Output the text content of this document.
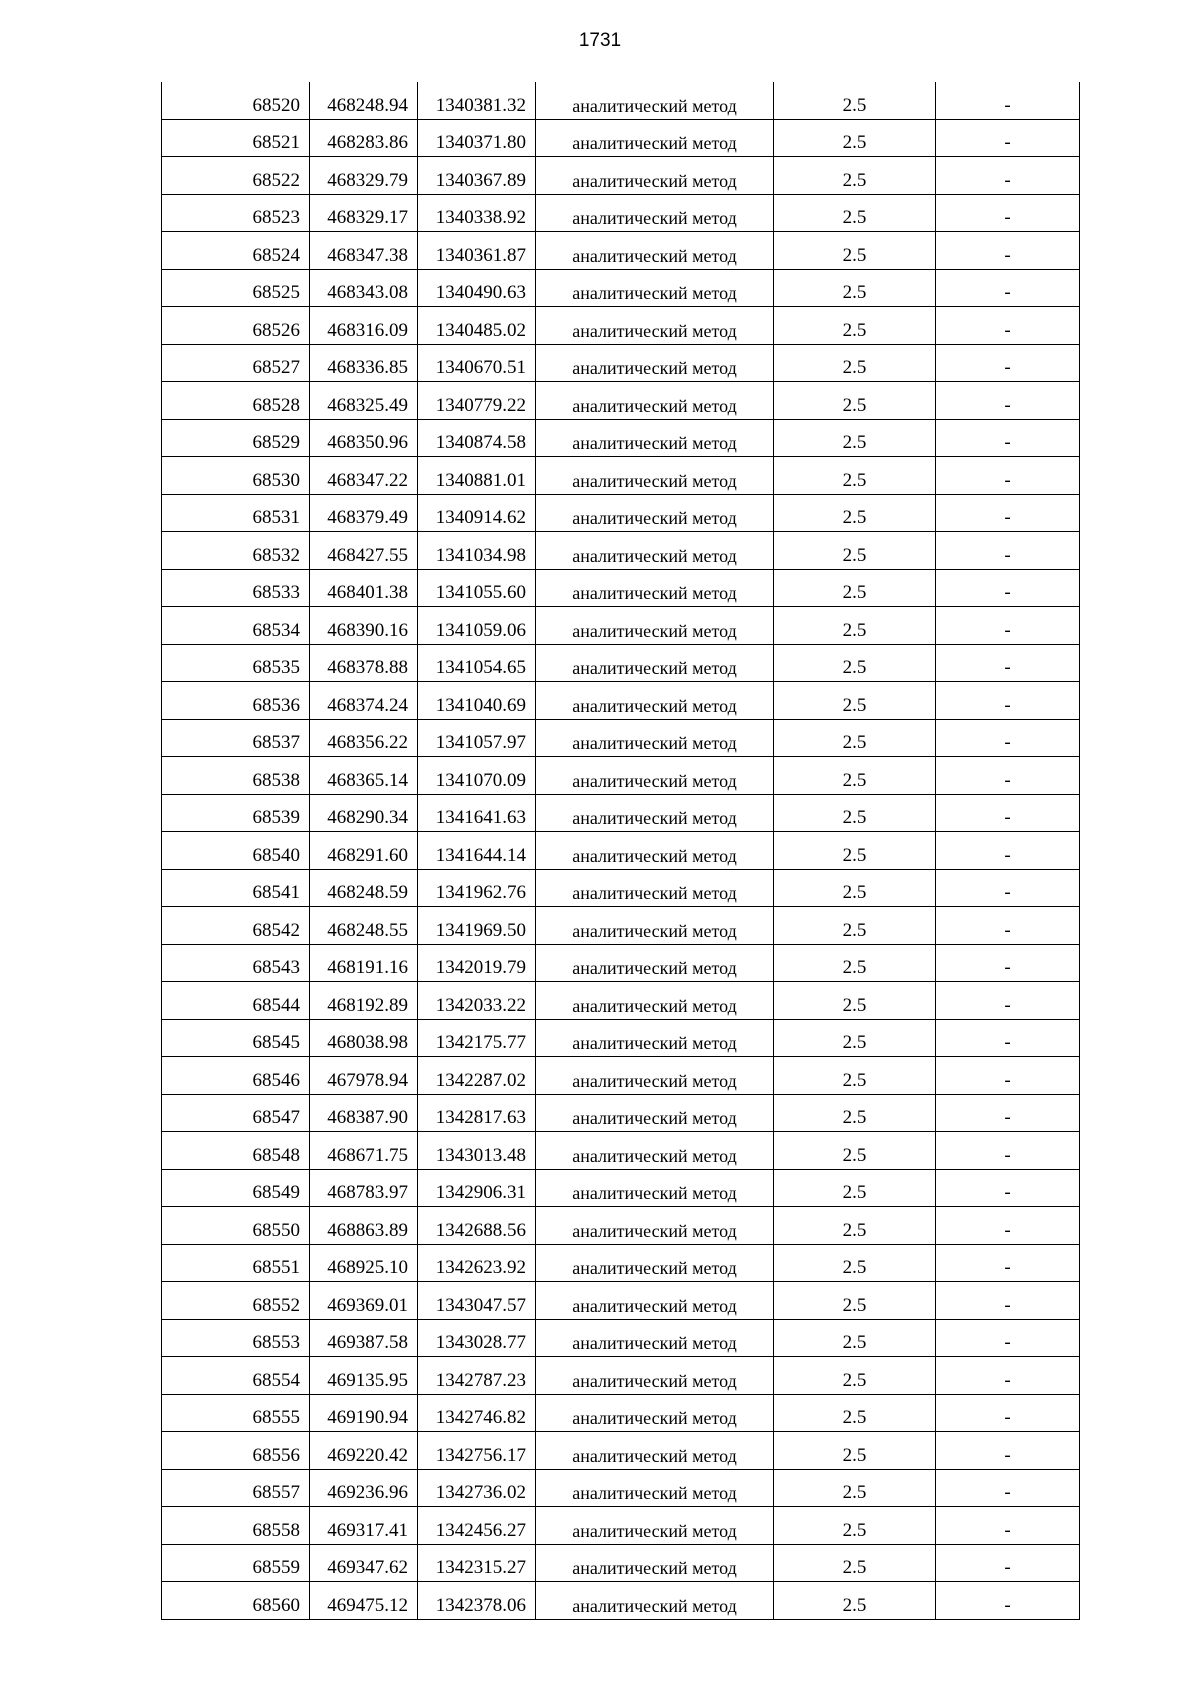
1731
68520	468248.94	1340381.32	аналитический метод	2.5	-
68521	468283.86	1340371.80	аналитический метод	2.5	-
68522	468329.79	1340367.89	аналитический метод	2.5	-
68523	468329.17	1340338.92	аналитический метод	2.5	-
68524	468347.38	1340361.87	аналитический метод	2.5	-
68525	468343.08	1340490.63	аналитический метод	2.5	-
68526	468316.09	1340485.02	аналитический метод	2.5	-
68527	468336.85	1340670.51	аналитический метод	2.5	-
68528	468325.49	1340779.22	аналитический метод	2.5	-
68529	468350.96	1340874.58	аналитический метод	2.5	-
68530	468347.22	1340881.01	аналитический метод	2.5	-
68531	468379.49	1340914.62	аналитический метод	2.5	-
68532	468427.55	1341034.98	аналитический метод	2.5	-
68533	468401.38	1341055.60	аналитический метод	2.5	-
68534	468390.16	1341059.06	аналитический метод	2.5	-
68535	468378.88	1341054.65	аналитический метод	2.5	-
68536	468374.24	1341040.69	аналитический метод	2.5	-
68537	468356.22	1341057.97	аналитический метод	2.5	-
68538	468365.14	1341070.09	аналитический метод	2.5	-
68539	468290.34	1341641.63	аналитический метод	2.5	-
68540	468291.60	1341644.14	аналитический метод	2.5	-
68541	468248.59	1341962.76	аналитический метод	2.5	-
68542	468248.55	1341969.50	аналитический метод	2.5	-
68543	468191.16	1342019.79	аналитический метод	2.5	-
68544	468192.89	1342033.22	аналитический метод	2.5	-
68545	468038.98	1342175.77	аналитический метод	2.5	-
68546	467978.94	1342287.02	аналитический метод	2.5	-
68547	468387.90	1342817.63	аналитический метод	2.5	-
68548	468671.75	1343013.48	аналитический метод	2.5	-
68549	468783.97	1342906.31	аналитический метод	2.5	-
68550	468863.89	1342688.56	аналитический метод	2.5	-
68551	468925.10	1342623.92	аналитический метод	2.5	-
68552	469369.01	1343047.57	аналитический метод	2.5	-
68553	469387.58	1343028.77	аналитический метод	2.5	-
68554	469135.95	1342787.23	аналитический метод	2.5	-
68555	469190.94	1342746.82	аналитический метод	2.5	-
68556	469220.42	1342756.17	аналитический метод	2.5	-
68557	469236.96	1342736.02	аналитический метод	2.5	-
68558	469317.41	1342456.27	аналитический метод	2.5	-
68559	469347.62	1342315.27	аналитический метод	2.5	-
68560	469475.12	1342378.06	аналитический метод	2.5	-
